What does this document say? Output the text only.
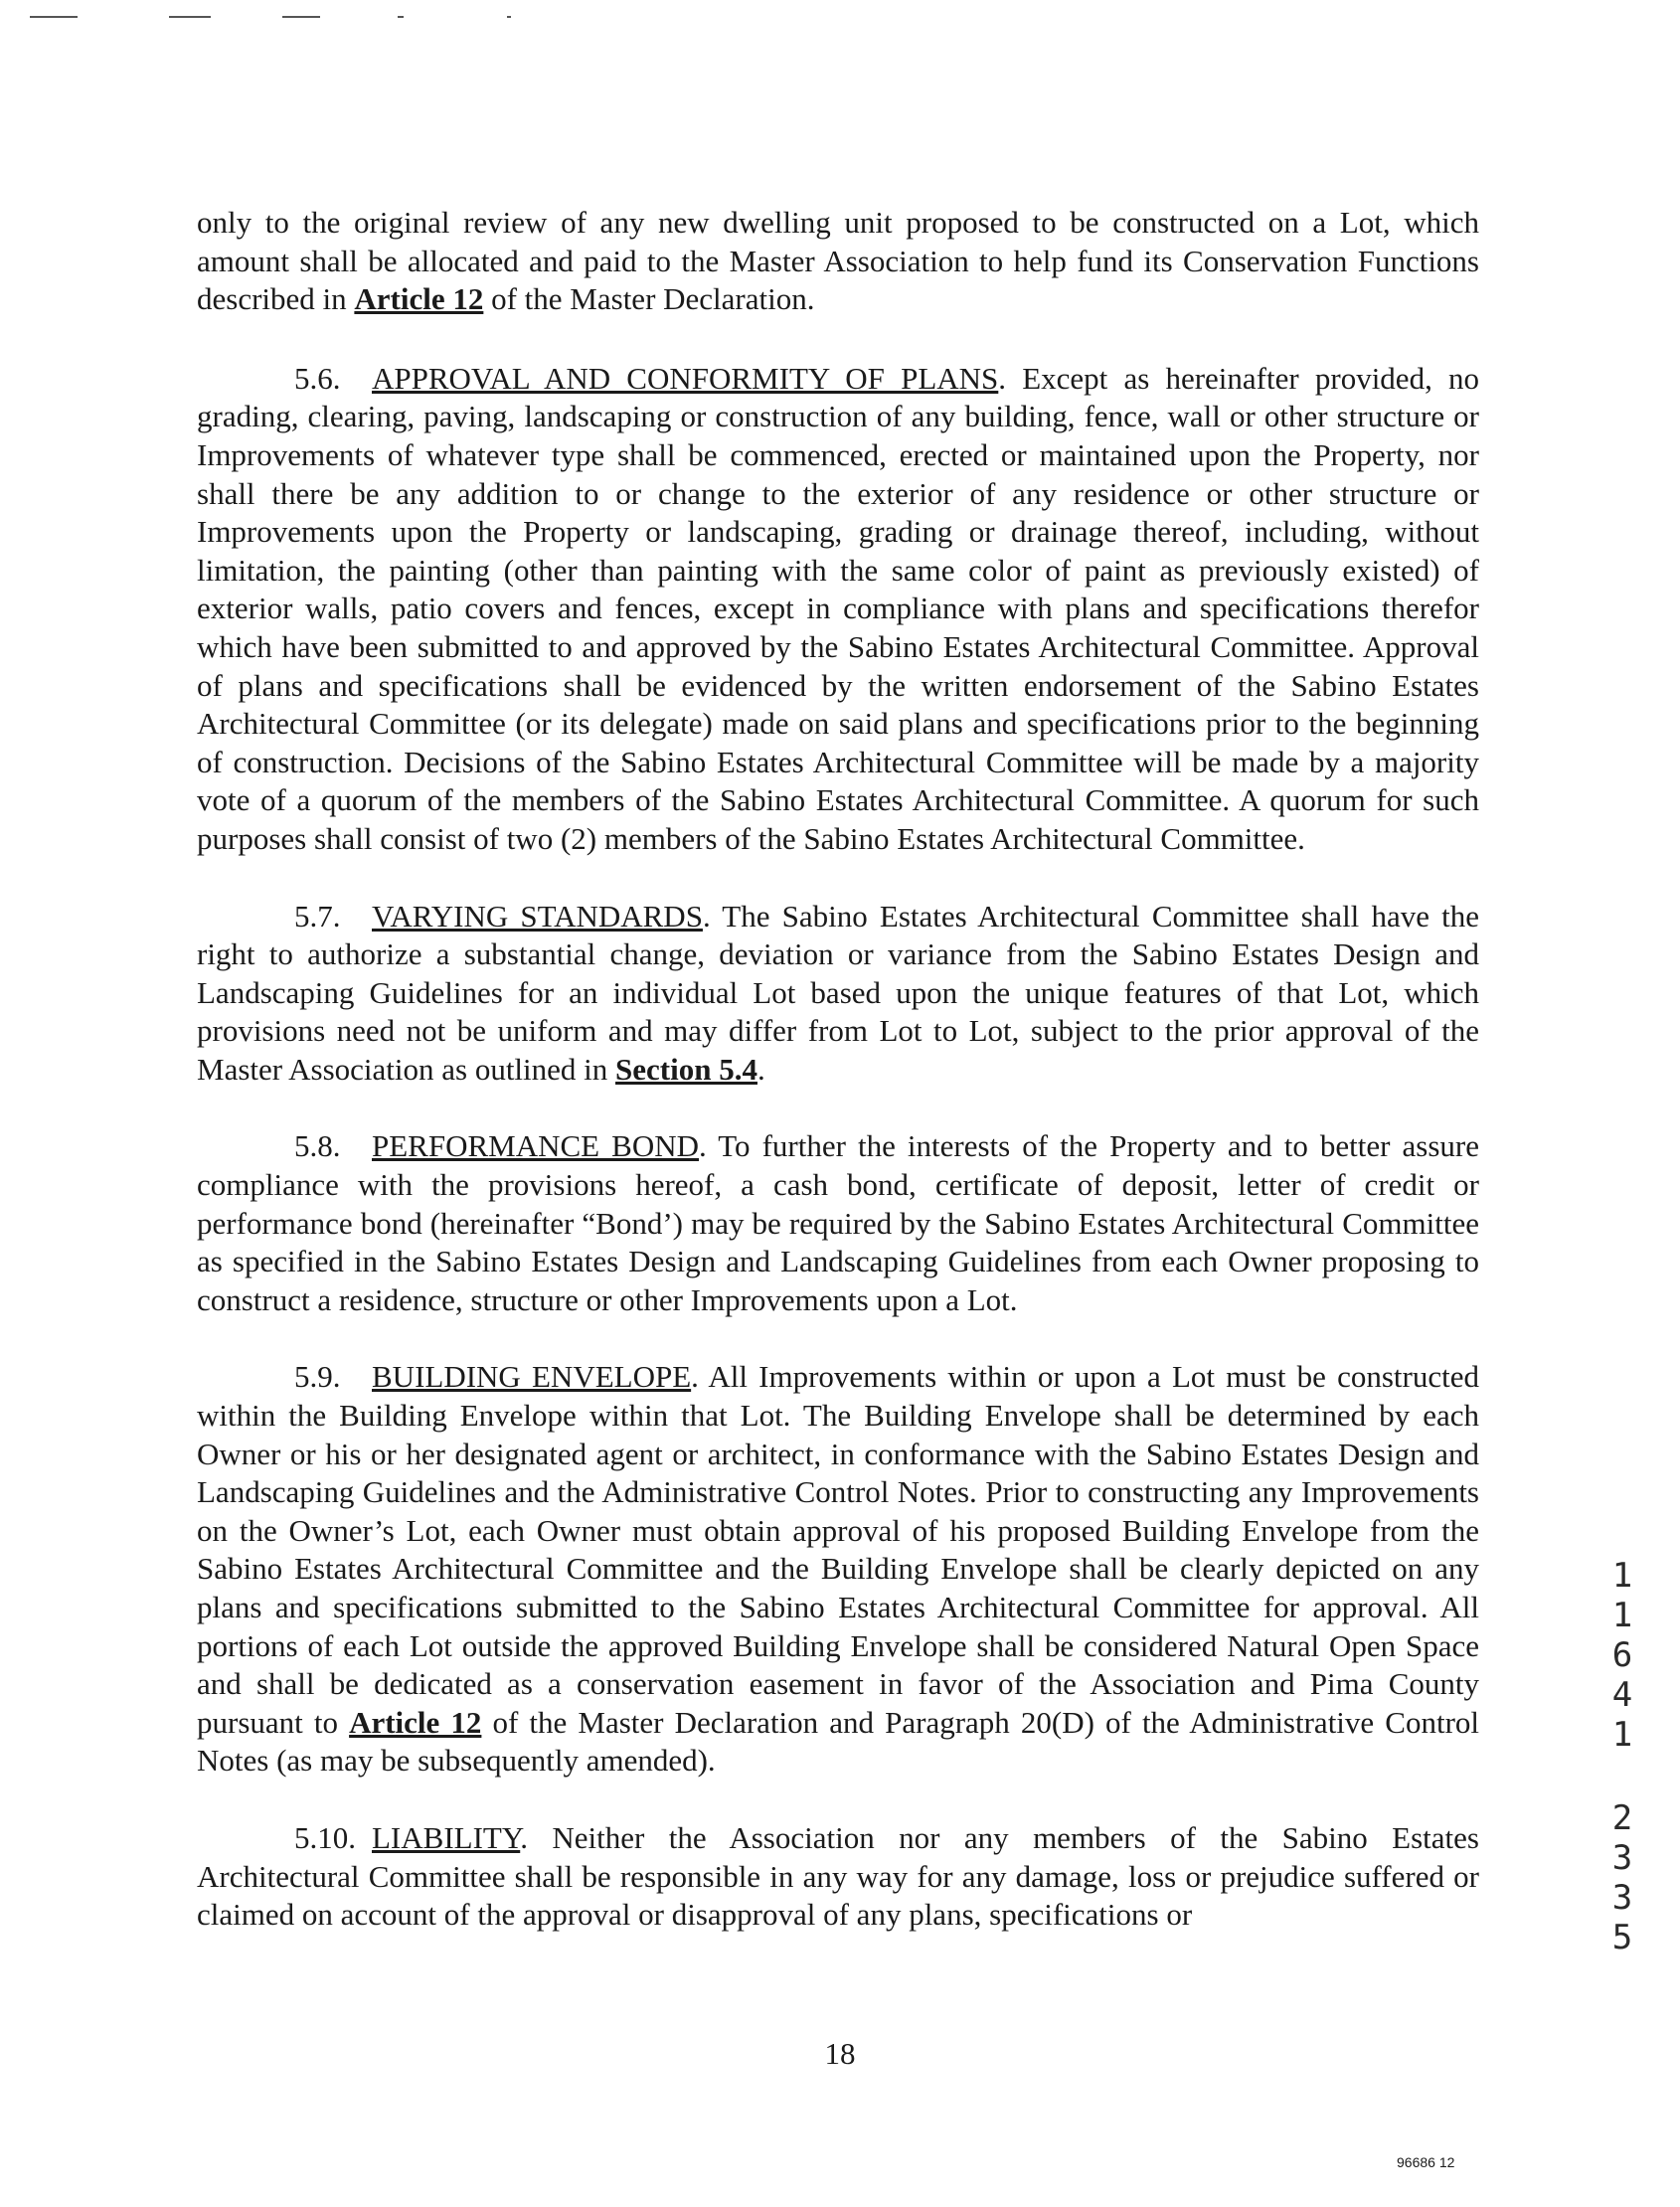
only to the original review of any new dwelling unit proposed to be constructed on a Lot, which amount shall be allocated and paid to the Master Association to help fund its Conservation Functions described in Article 12 of the Master Declaration.

5.6. APPROVAL AND CONFORMITY OF PLANS. Except as hereinafter provided, no grading, clearing, paving, landscaping or construction of any building, fence, wall or other structure or Improvements of whatever type shall be commenced, erected or maintained upon the Property, nor shall there be any addition to or change to the exterior of any residence or other structure or Improvements upon the Property or landscaping, grading or drainage thereof, including, without limitation, the painting (other than painting with the same color of paint as previously existed) of exterior walls, patio covers and fences, except in compliance with plans and specifications therefor which have been submitted to and approved by the Sabino Estates Architectural Committee. Approval of plans and specifications shall be evidenced by the written endorsement of the Sabino Estates Architectural Committee (or its delegate) made on said plans and specifications prior to the beginning of construction. Decisions of the Sabino Estates Architectural Committee will be made by a majority vote of a quorum of the members of the Sabino Estates Architectural Committee. A quorum for such purposes shall consist of two (2) members of the Sabino Estates Architectural Committee.

5.7. VARYING STANDARDS. The Sabino Estates Architectural Committee shall have the right to authorize a substantial change, deviation or variance from the Sabino Estates Design and Landscaping Guidelines for an individual Lot based upon the unique features of that Lot, which provisions need not be uniform and may differ from Lot to Lot, subject to the prior approval of the Master Association as outlined in Section 5.4.

5.8. PERFORMANCE BOND. To further the interests of the Property and to better assure compliance with the provisions hereof, a cash bond, certificate of deposit, letter of credit or performance bond (hereinafter “Bond’) may be required by the Sabino Estates Architectural Committee as specified in the Sabino Estates Design and Landscaping Guidelines from each Owner proposing to construct a residence, structure or other Improvements upon a Lot.

5.9. BUILDING ENVELOPE. All Improvements within or upon a Lot must be constructed within the Building Envelope within that Lot. The Building Envelope shall be determined by each Owner or his or her designated agent or architect, in conformance with the Sabino Estates Design and Landscaping Guidelines and the Administrative Control Notes. Prior to constructing any Improvements on the Owner’s Lot, each Owner must obtain approval of his proposed Building Envelope from the Sabino Estates Architectural Committee and the Building Envelope shall be clearly depicted on any plans and specifications submitted to the Sabino Estates Architectural Committee for approval. All portions of each Lot outside the approved Building Envelope shall be considered Natural Open Space and shall be dedicated as a conservation easement in favor of the Association and Pima County pursuant to Article 12 of the Master Declaration and Paragraph 20(D) of the Administrative Control Notes (as may be subsequently amended).

5.10. LIABILITY. Neither the Association nor any members of the Sabino Estates Architectural Committee shall be responsible in any way for any damage, loss or prejudice suffered or claimed on account of the approval or disapproval of any plans, specifications or

1
1
6
4
1
2
3
3
5
18
96686 12
